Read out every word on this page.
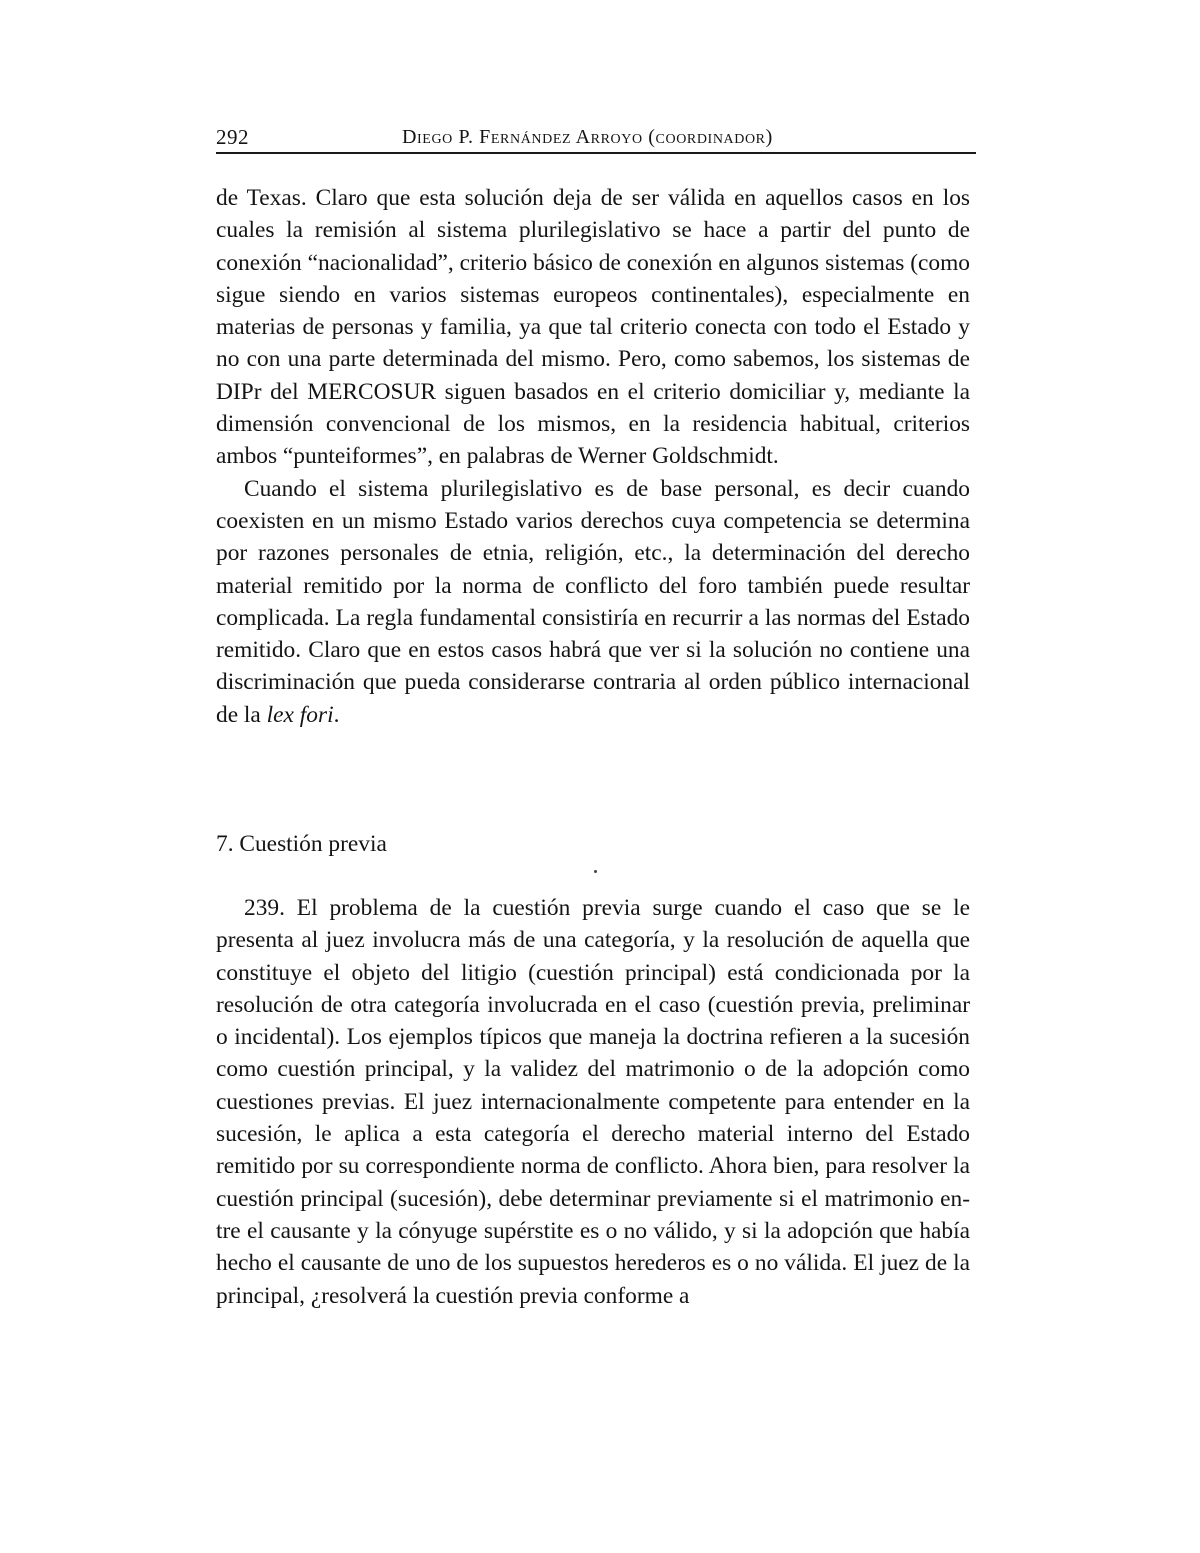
292	Diego P. Fernández Arroyo (coordinador)

de Texas. Claro que esta solución deja de ser válida en aquellos casos en los cuales la remisión al sistema plurilegislativo se hace a partir del punto de conexión “nacionalidad”, criterio básico de conexión en algunos sistemas (como sigue siendo en varios sistemas europeos continentales), especialmente en materias de personas y familia, ya que tal criterio conecta con todo el Estado y no con una parte determinada del mismo. Pero, como sabemos, los sistemas de DIPr del MERCOSUR siguen basados en el criterio domiciliar y, mediante la dimensión convencional de los mismos, en la residencia habitual, criterios ambos “punteiformes”, en palabras de Werner Goldschmidt.

Cuando el sistema plurilegislativo es de base personal, es decir cuando coexisten en un mismo Estado varios derechos cuya competencia se determina por razones personales de etnia, religión, etc., la determinación del derecho material remitido por la norma de conflicto del foro también puede resultar complicada. La regla fundamental consistiría en recurrir a las normas del Estado remitido. Claro que en estos casos habrá que ver si la solución no contiene una discriminación que pueda considerarse contraria al orden público internacional de la lex fori.

7. Cuestión previa

239. El problema de la cuestión previa surge cuando el caso que se le presenta al juez involucra más de una categoría, y la resolución de aquella que constituye el objeto del litigio (cuestión principal) está condicionada por la resolución de otra categoría involucrada en el caso (cuestión previa, preliminar o incidental). Los ejemplos típicos que maneja la doctrina refieren a la sucesión como cuestión principal, y la validez del matrimonio o de la adopción como cuestiones previas. El juez internacionalmente competente para entender en la sucesión, le aplica a esta categoría el derecho material interno del Estado remitido por su correspondiente norma de conflicto. Ahora bien, para resolver la cuestión principal (sucesión), debe determinar previamente si el matrimonio entre el causante y la cónyuge supérstite es o no válido, y si la adopción que había hecho el causante de uno de los supuestos herederos es o no válida. El juez de la principal, ¿resolverá la cuestión previa conforme a
